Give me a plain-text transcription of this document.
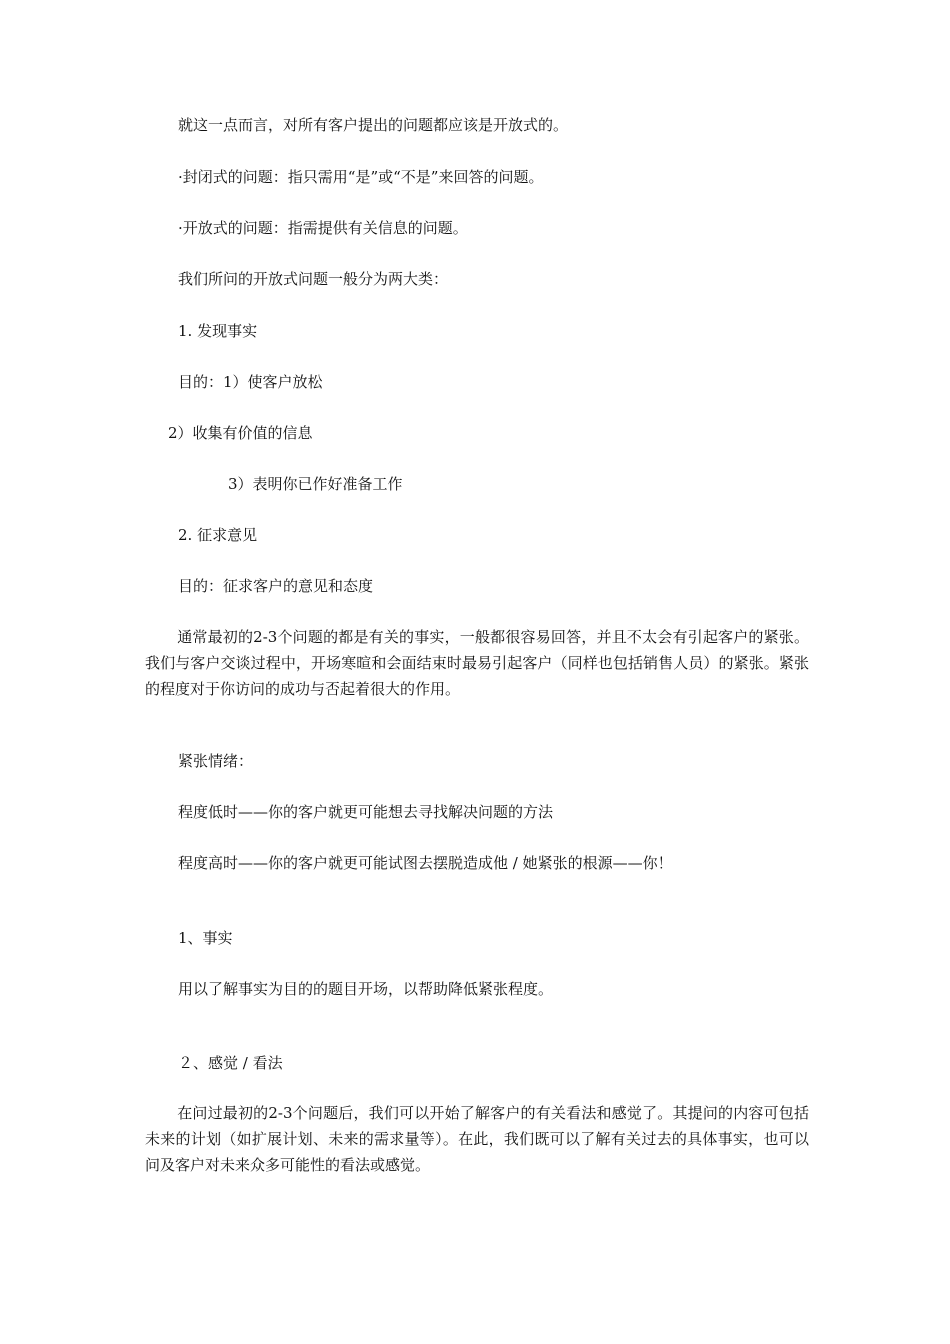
就这一点而言，对所有客户提出的问题都应该是开放式的。
·封闭式的问题：指只需用“是”或“不是”来回答的问题。
·开放式的问题：指需提供有关信息的问题。
我们所问的开放式问题一般分为两大类：
1. 发现事实
目的：1）使客户放松
2）收集有价值的信息
3）表明你已作好准备工作
2. 征求意见
目的：征求客户的意见和态度
通常最初的2-3个问题的都是有关的事实，一般都很容易回答，并且不太会有引起客户的紧张。我们与客户交谈过程中，开场寒暄和会面结束时最易引起客户（同样也包括销售人员）的紧张。紧张的程度对于你访问的成功与否起着很大的作用。
紧张情绪：
程度低时——你的客户就更可能想去寻找解决问题的方法
程度高时——你的客户就更可能试图去摆脱造成他 / 她紧张的根源——你！
1、事实
用以了解事实为目的的题目开场，以帮助降低紧张程度。
２、感觉 / 看法
在问过最初的2-3个问题后，我们可以开始了解客户的有关看法和感觉了。其提问的内容可包括未来的计划（如扩展计划、未来的需求量等）。在此，我们既可以了解有关过去的具体事实，也可以问及客户对未来众多可能性的看法或感觉。
